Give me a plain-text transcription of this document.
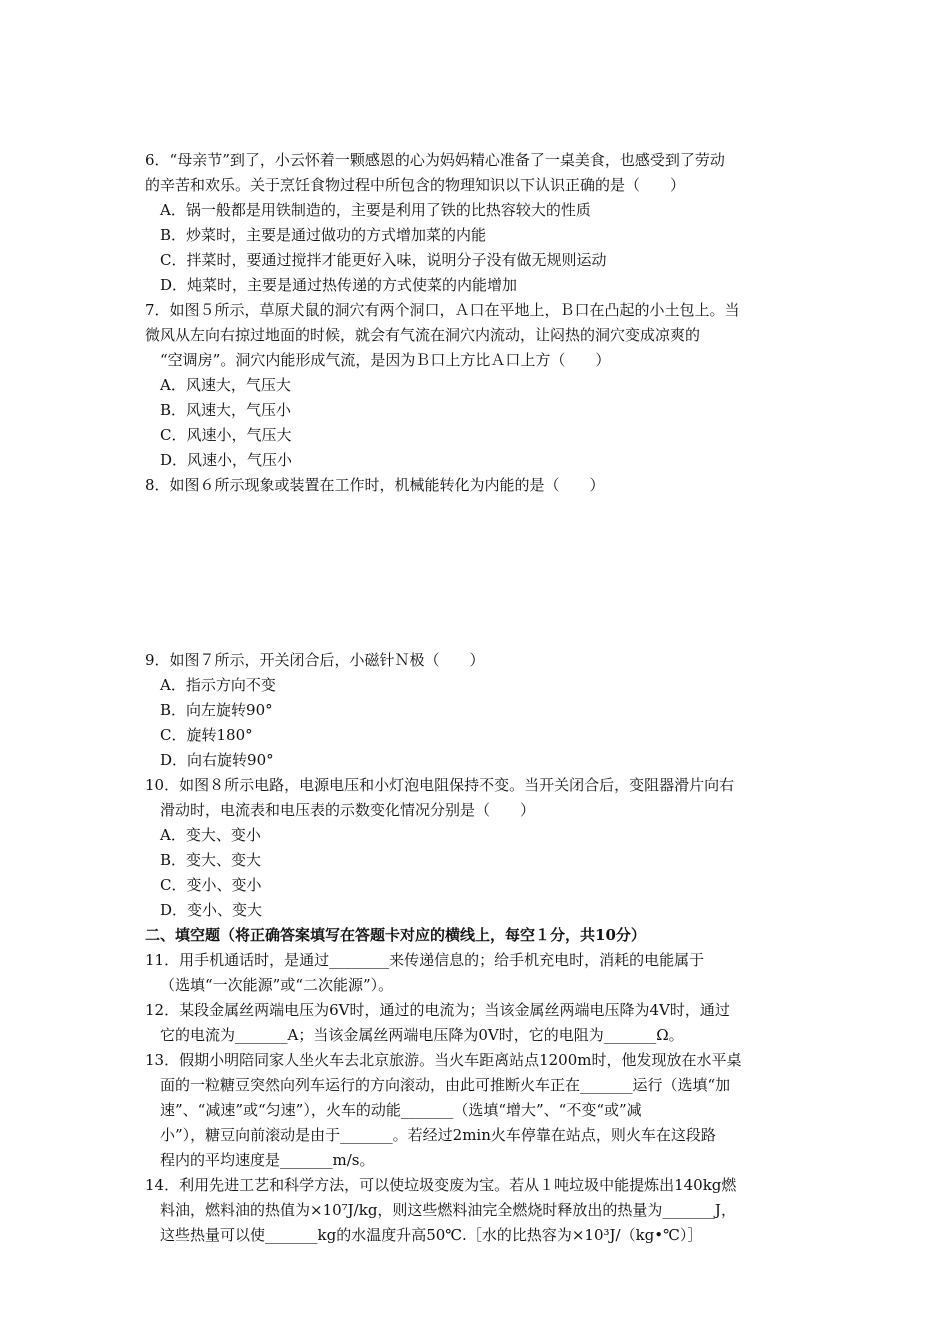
6．“母亲节”到了，小云怀着一颗感恩的心为妈妈精心准备了一桌美食，也感受到了劳动
的辛苦和欢乐。关于烹饪食物过程中所包含的物理知识以下认识正确的是（　　）
A．锅一般都是用铁制造的，主要是利用了铁的比热容较大的性质
B．炒菜时，主要是通过做功的方式增加菜的内能
C．拌菜时，要通过搅拌才能更好入味，说明分子没有做无规则运动
D．炖菜时，主要是通过热传递的方式使菜的内能增加
7．如图５所示，草原犬鼠的洞穴有两个洞口，Ａ口在平地上，Ｂ口在凸起的小土包上。当
微风从左向右掠过地面的时候，就会有气流在洞穴内流动，让闷热的洞穴变成凉爽的
“空调房”。洞穴内能形成气流，是因为Ｂ口上方比Ａ口上方（　　）
A．风速大，气压大
B．风速大，气压小
C．风速小，气压大
D．风速小，气压小
8．如图６所示现象或装置在工作时，机械能转化为内能的是（　　）
9．如图７所示，开关闭合后，小磁针Ｎ极（　　）
A．指示方向不变
B．向左旋转90°
C．旋转180°
D．向右旋转90°
10．如图８所示电路，电源电压和小灯泡电阻保持不变。当开关闭合后，变阻器滑片向右
滑动时，电流表和电压表的示数变化情况分别是（　　）
A．变大、变小
B．变大、变大
C．变小、变小
D．变小、变大
二、填空题（将正确答案填写在答题卡对应的横线上，每空１分，共10分）
11．用手机通话时，是通过________来传递信息的；给手机充电时，消耗的电能属于
（选填“一次能源”或“二次能源”）。
12．某段金属丝两端电压为6V时，通过的电流为；当该金属丝两端电压降为4V时，通过
它的电流为_______A；当该金属丝两端电压降为0V时，它的电阻为_______Ω。
13．假期小明陪同家人坐火车去北京旅游。当火车距离站点1200m时，他发现放在水平桌
面的一粒糖豆突然向列车运行的方向滚动，由此可推断火车正在_______运行（选填“加
速”、“减速”或“匀速”），火车的动能_______（选填“增大”、“不变“或”减
小”），糖豆向前滚动是由于_______。若经过2min火车停靠在站点，则火车在这段路
程内的平均速度是_______m/s。
14．利用先进工艺和科学方法，可以使垃圾变废为宝。若从１吨垃圾中能提炼出140kg燃
料油，燃料油的热值为×10⁷J/kg，则这些燃料油完全燃烧时释放出的热量为_______J，
这些热量可以使_______kg的水温度升高50℃.［水的比热容为×10³J/（kg•℃）］
